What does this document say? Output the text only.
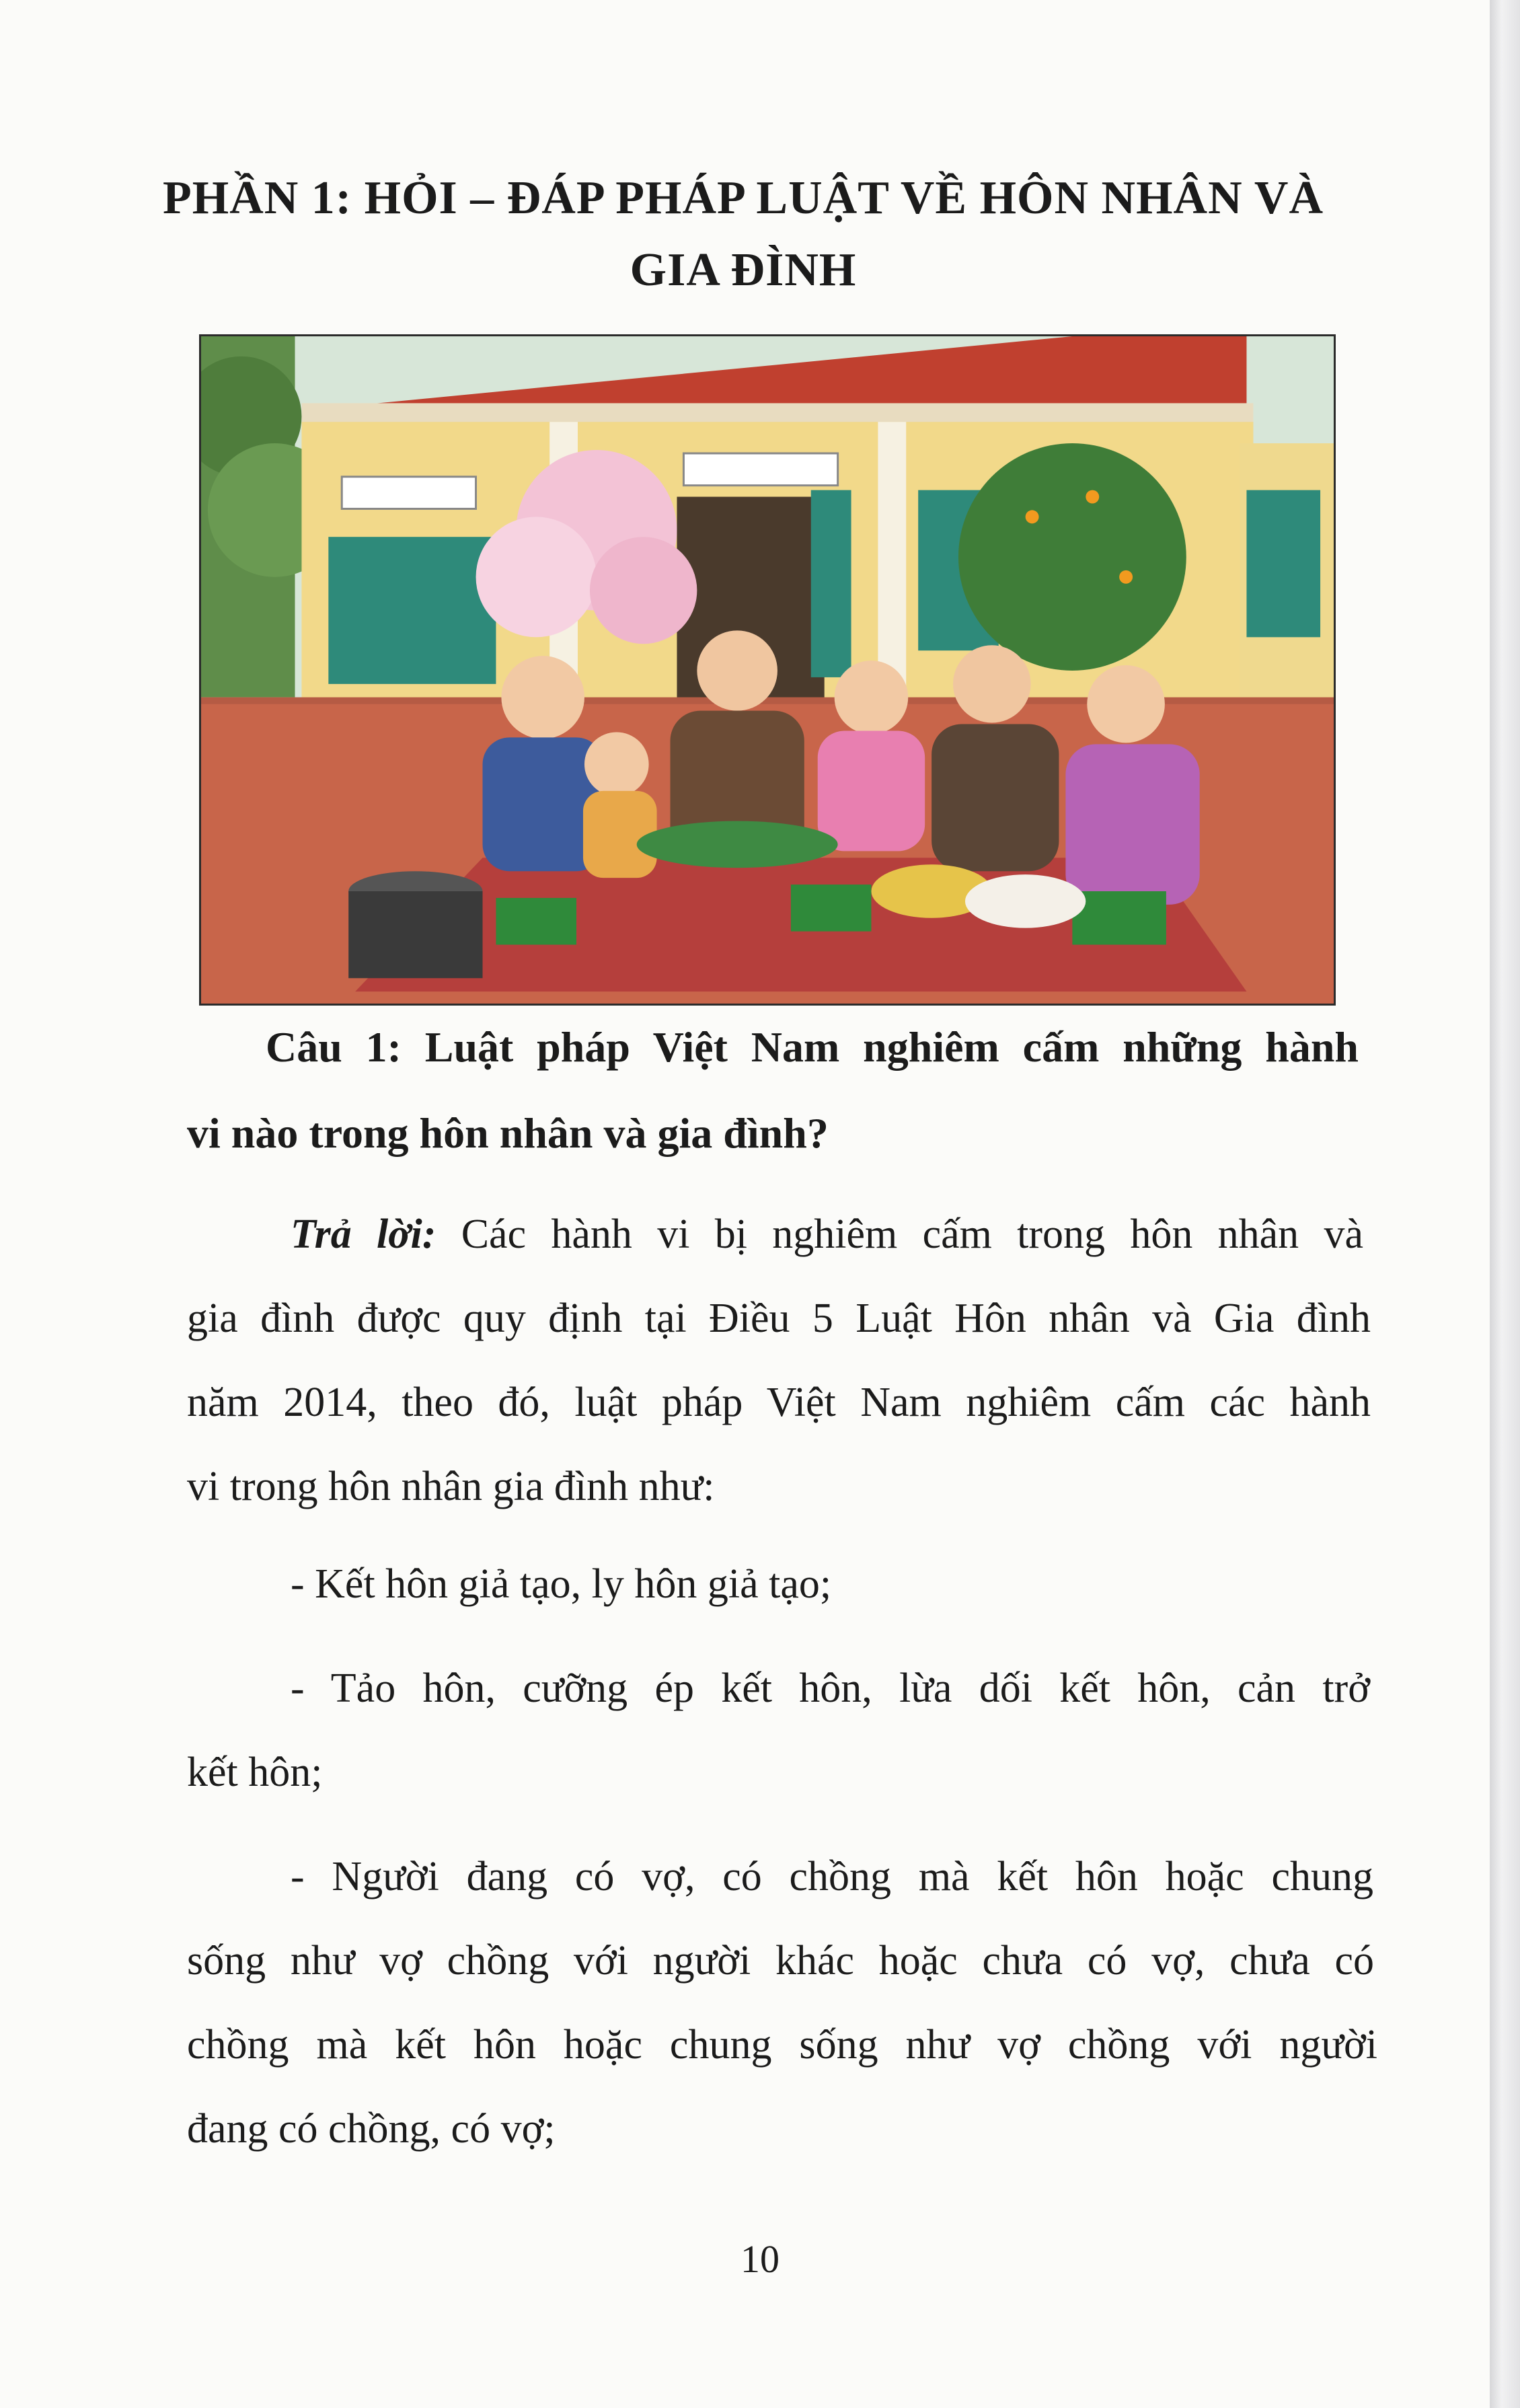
PHẦN 1: HỎI – ĐÁP PHÁP LUẬT VỀ HÔN NHÂN VÀ
GIA ĐÌNH
Câu 1: Luật pháp Việt Nam nghiêm cấm những hành
vi nào trong hôn nhân và gia đình?
Trả lời: Các hành vi bị nghiêm cấm trong hôn nhân và
gia đình được quy định tại Điều 5 Luật Hôn nhân và Gia đình
năm 2014, theo đó, luật pháp Việt Nam nghiêm cấm các hành
vi trong hôn nhân gia đình như:
- Kết hôn giả tạo, ly hôn giả tạo;
- Tảo hôn, cưỡng ép kết hôn, lừa dối kết hôn, cản trở
kết hôn;
- Người đang có vợ, có chồng mà kết hôn hoặc chung
sống như vợ chồng với người khác hoặc chưa có vợ, chưa có
chồng mà kết hôn hoặc chung sống như vợ chồng với người
đang có chồng, có vợ;
10
